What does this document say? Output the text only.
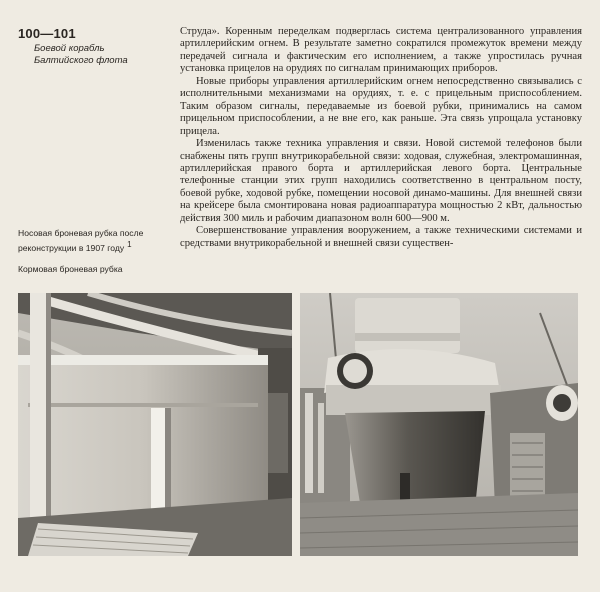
100—101
Боевой корабль
Балтийского флота
Носовая броневая рубка после реконструкции в 1907 году 1
Кормовая броневая рубка

Струда». Коренным переделкам подверглась система централизованного управления артиллерийским огнем. В результате заметно сократился промежуток времени между передачей сигнала и фактическим его исполнением, а также упростилась ручная установка прицелов на орудиях по сигналам принимающих приборов.

Новые приборы управления артиллерийским огнем непосредственно связывались с исполнительными механизмами на орудиях, т. е. с прицельным приспособлением. Таким образом сигналы, передаваемые из боевой рубки, принимались на самом прицельном приспособлении, а не вне его, как раньше. Эта связь упрощала установку прицела.

Изменилась также техника управления и связи. Новой системой телефонов были снабжены пять групп внутрикорабельной связи: ходовая, служебная, электромашинная, артиллерийская правого борта и артиллерийская левого борта. Центральные телефонные станции этих групп находились соответственно в центральном посту, боевой рубке, ходовой рубке, помещении носовой динамо-машины. Для внешней связи на крейсере была смонтирована новая радиоаппаратура мощностью 2 кВт, дальностью действия 300 миль и рабочим диапазоном волн 600—900 м.

Совершенствование управления вооружением, а также техническими системами и средствами внутрикорабельной и внешней связи существен-
